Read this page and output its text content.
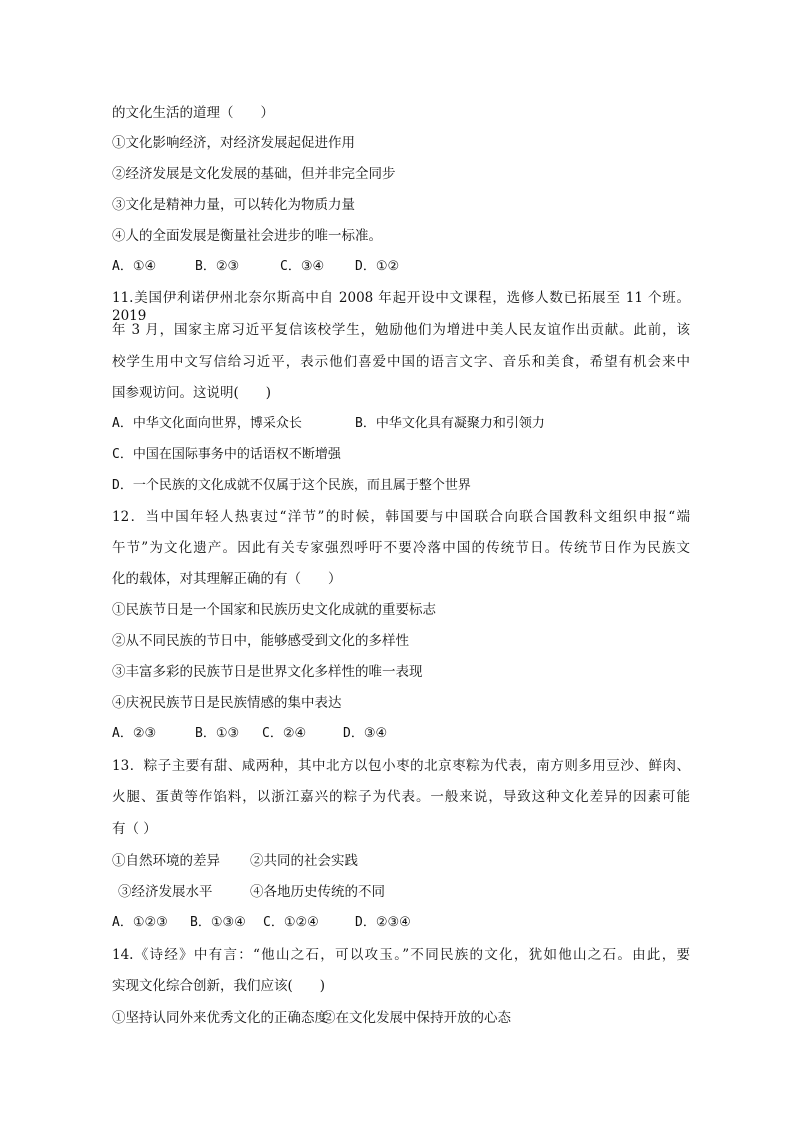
的文化生活的道理（　　）
①文化影响经济，对经济发展起促进作用
②经济发展是文化发展的基础，但并非完全同步
③文化是精神力量，可以转化为物质力量
④人的全面发展是衡量社会进步的唯一标准。
A．①④	B．②③	C．③④ D．①②
11.美国伊利诺伊州北奈尔斯高中自 2008 年起开设中文课程，选修人数已拓展至 11 个班。2019
年 3 月，国家主席习近平复信该校学生，勉励他们为增进中美人民友谊作出贡献。此前，该
校学生用中文写信给习近平，表示他们喜爱中国的语言文字、音乐和美食，希望有机会来中
国参观访问。这说明(　　)
A．中华文化面向世界，博采众长	B．中华文化具有凝聚力和引领力
C．中国在国际事务中的话语权不断增强
D．一个民族的文化成就不仅属于这个民族，而且属于整个世界
12．当中国年轻人热衷过“洋节”的时候，韩国要与中国联合向联合国教科文组织申报“端
午节”为文化遗产。因此有关专家强烈呼吁不要冷落中国的传统节日。传统节日作为民族文
化的载体，对其理解正确的有（　　）
①民族节日是一个国家和民族历史文化成就的重要标志
②从不同民族的节日中，能够感受到文化的多样性
③丰富多彩的民族节日是世界文化多样性的唯一表现
④庆祝民族节日是民族情感的集中表达
A．②③	B．①③ C．②④	D．③④
13．粽子主要有甜、咸两种，其中北方以包小枣的北京枣粽为代表，南方则多用豆沙、鲜肉、
火腿、蛋黄等作馅料，以浙江嘉兴的粽子为代表。一般来说，导致这种文化差异的因素可能
有（ ）
①自然环境的差异 ②共同的社会实践
③经济发展水平	④各地历史传统的不同
A．①②③ B．①③④ C．①②④	D．②③④
14.《诗经》中有言：“他山之石，可以攻玉。”不同民族的文化，犹如他山之石。由此，要
实现文化综合创新，我们应该(　　)
①坚持认同外来优秀文化的正确态度
②在文化发展中保持开放的心态
